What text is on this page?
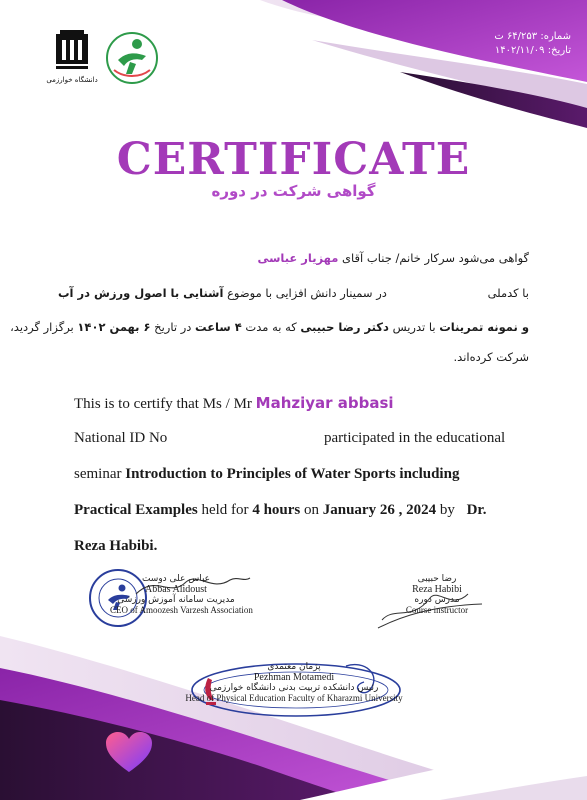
دانشگاه خوارزمی
شماره: ۶۴/۲۵۳ ت
تاریخ: ۱۴۰۲/۱۱/۰۹
CERTIFICATE
گواهی شرکت در دوره
گواهی می‌شود سرکار خانم/ جناب آقای مهزیار عباسی
با کدملی
در سمینار دانش افزایی با موضوع آشنایی با اصول ورزش در آب
و نمونه تمرینات با تدریس دکتر رضا حبیبی که به مدت ۴ ساعت در تاریخ ۶ بهمن ۱۴۰۲ برگزار گردید،
شرکت کرده‌اند.
This is to certify that Ms / Mr Mahziyar abbasi
National ID No	participated in the educational
seminar Introduction to Principles of Water Sports including
Practical Examples held for 4 hours on January 26 , 2024 by Dr.
Reza Habibi.
عباس علی دوست
Abbas Alidoust
مدیریت سامانه آموزش ورزشی
CEO of Amoozesh Varzesh Association
رضا حبیبی
Reza Habibi
مدرس دوره
Course instructor
پژمان معتمدی
Pezhman Motamedi
رئیس دانشکده تربیت بدنی دانشگاه خوارزمی
Head of Physical Education Faculty of Kharazmi University
